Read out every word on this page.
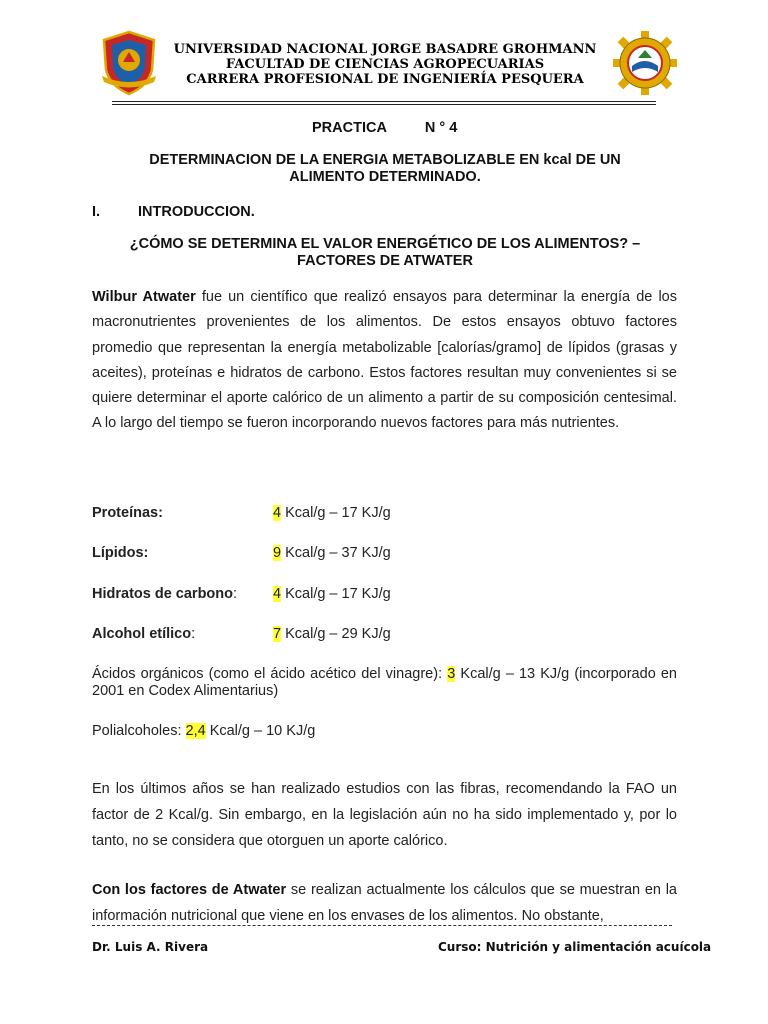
UNIVERSIDAD NACIONAL JORGE BASADRE GROHMANN
FACULTAD DE CIENCIAS AGROPECUARIAS
CARRERA PROFESIONAL DE INGENIERÍA PESQUERA
PRACTICA	N ° 4
DETERMINACION DE LA ENERGIA METABOLIZABLE EN kcal DE UN
ALIMENTO DETERMINADO.
I.	INTRODUCCION.
¿CÓMO SE DETERMINA EL VALOR ENERGÉTICO DE LOS ALIMENTOS? –
FACTORES DE ATWATER
Wilbur Atwater fue un científico que realizó ensayos para determinar la energía de los macronutrientes provenientes de los alimentos. De estos ensayos obtuvo factores promedio que representan la energía metabolizable [calorías/gramo] de lípidos (grasas y aceites), proteínas e hidratos de carbono. Estos factores resultan muy convenientes si se quiere determinar el aporte calórico de un alimento a partir de su composición centesimal. A lo largo del tiempo se fueron incorporando nuevos factores para más nutrientes.
Proteínas:	4 Kcal/g – 17 KJ/g
Lípidos:	9 Kcal/g – 37 KJ/g
Hidratos de carbono: 4 Kcal/g – 17 KJ/g
Alcohol etílico:	7 Kcal/g – 29 KJ/g
Ácidos orgánicos (como el ácido acético del vinagre): 3 Kcal/g – 13 KJ/g (incorporado en 2001 en Codex Alimentarius)
Polialcoholes: 2,4 Kcal/g – 10 KJ/g
En los últimos años se han realizado estudios con las fibras, recomendando la FAO un factor de 2 Kcal/g. Sin embargo, en la legislación aún no ha sido implementado y, por lo tanto, no se considera que otorguen un aporte calórico.
Con los factores de Atwater se realizan actualmente los cálculos que se muestran en la información nutricional que viene en los envases de los alimentos. No obstante,
Dr. Luis A. Rivera	Curso: Nutrición y alimentación acuícola
